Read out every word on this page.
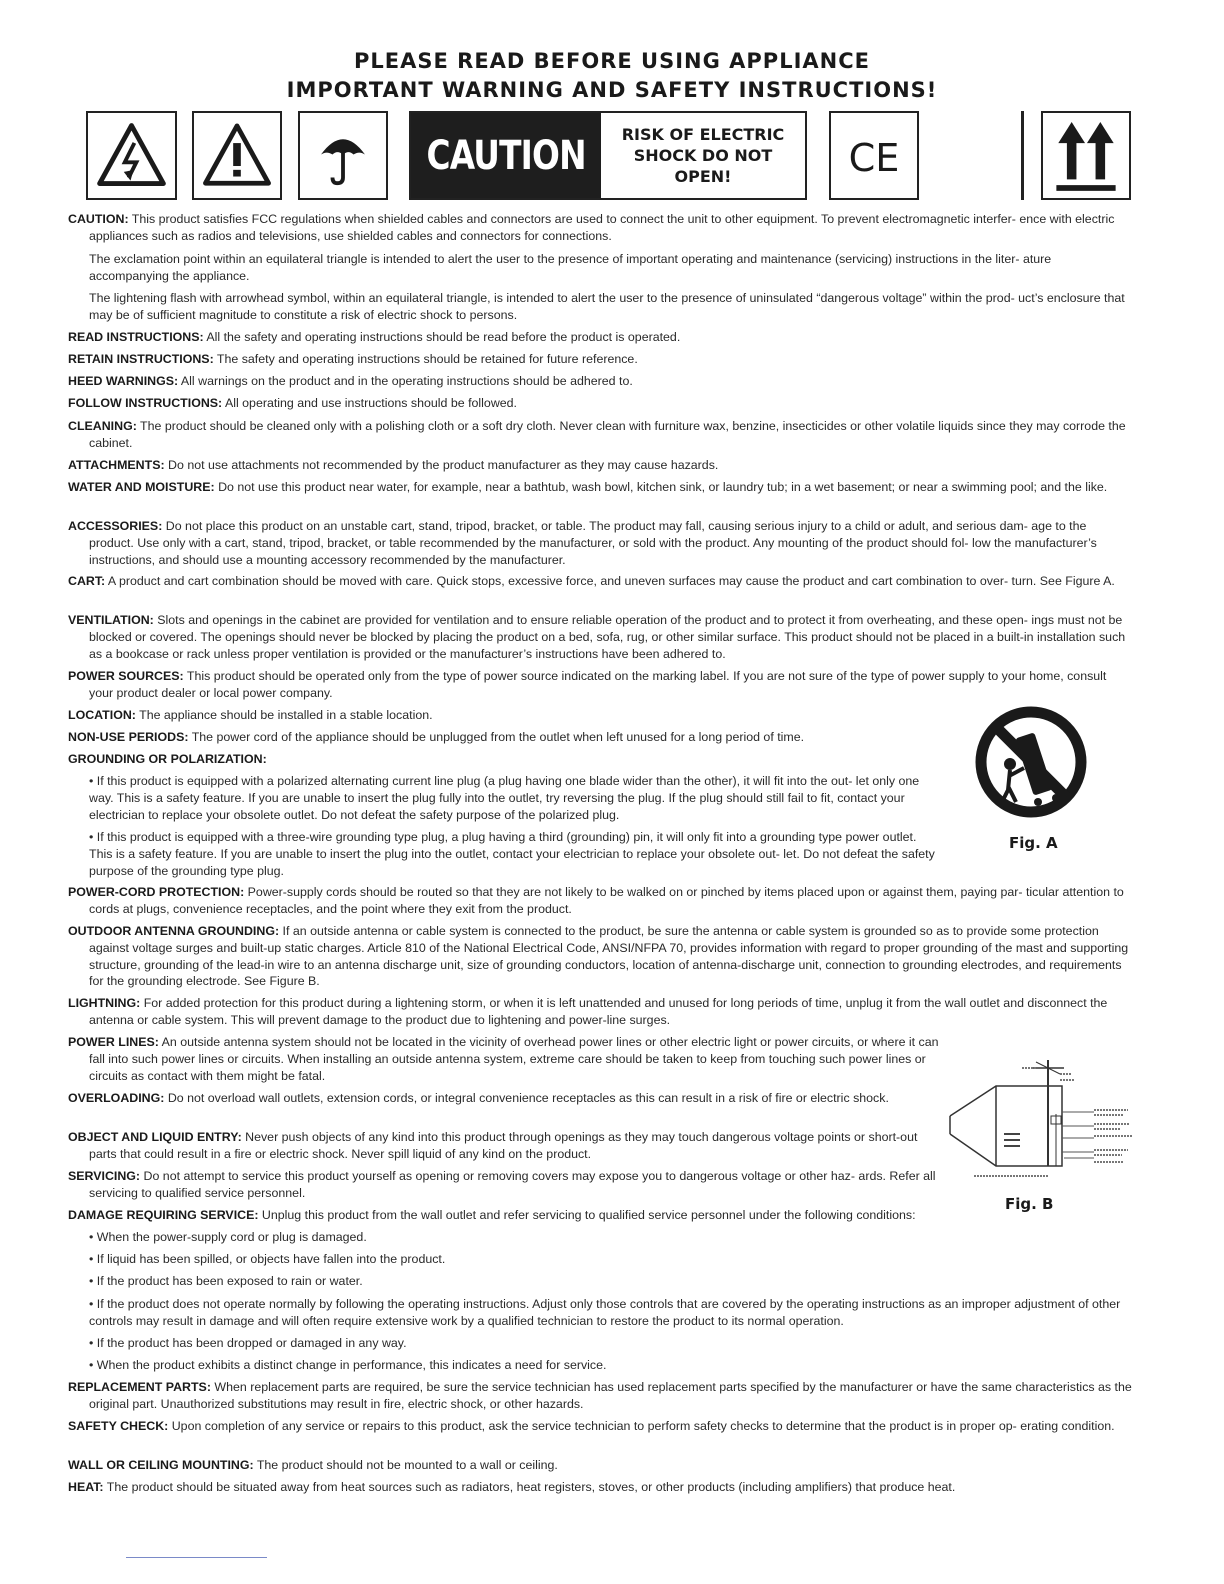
PLEASE READ BEFORE USING APPLIANCE
IMPORTANT WARNING AND SAFETY INSTRUCTIONS!
CAUTION RISK OF ELECTRIC
SHOCK DO NOT
OPEN!	CE

CAUTION: This product satisfies FCC regulations when shielded cables and connectors are used to connect the unit to other equipment. To prevent electromagnetic interfer- ence with electric appliances such as radios and televisions, use shielded cables and connectors for connections.

The exclamation point within an equilateral triangle is intended to alert the user to the presence of important operating and maintenance (servicing) instructions in the liter- ature accompanying the appliance.

The lightening flash with arrowhead symbol, within an equilateral triangle, is intended to alert the user to the presence of uninsulated “dangerous voltage” within the prod- uct’s enclosure that may be of sufficient magnitude to constitute a risk of electric shock to persons.

READ INSTRUCTIONS: All the safety and operating instructions should be read before the product is operated.

RETAIN INSTRUCTIONS: The safety and operating instructions should be retained for future reference.

HEED WARNINGS: All warnings on the product and in the operating instructions should be adhered to.

FOLLOW INSTRUCTIONS: All operating and use instructions should be followed.

CLEANING: The product should be cleaned only with a polishing cloth or a soft dry cloth. Never clean with furniture wax, benzine, insecticides or other volatile liquids since they may corrode the cabinet.

ATTACHMENTS: Do not use attachments not recommended by the product manufacturer as they may cause hazards.

WATER AND MOISTURE: Do not use this product near water, for example, near a bathtub, wash bowl, kitchen sink, or laundry tub; in a wet basement; or near a swimming pool; and the like.

ACCESSORIES: Do not place this product on an unstable cart, stand, tripod, bracket, or table. The product may fall, causing serious injury to a child or adult, and serious dam- age to the product. Use only with a cart, stand, tripod, bracket, or table recommended by the manufacturer, or sold with the product. Any mounting of the product should fol- low the manufacturer’s instructions, and should use a mounting accessory recommended by the manufacturer.

CART: A product and cart combination should be moved with care. Quick stops, excessive force, and uneven surfaces may cause the product and cart combination to over- turn. See Figure A.

VENTILATION: Slots and openings in the cabinet are provided for ventilation and to ensure reliable operation of the product and to protect it from overheating, and these open- ings must not be blocked or covered. The openings should never be blocked by placing the product on a bed, sofa, rug, or other similar surface. This product should not be placed in a built-in installation such as a bookcase or rack unless proper ventilation is provided or the manufacturer’s instructions have been adhered to.

POWER SOURCES: This product should be operated only from the type of power source indicated on the marking label. If you are not sure of the type of power supply to your home, consult your product dealer or local power company.

LOCATION: The appliance should be installed in a stable location.

NON-USE PERIODS: The power cord of the appliance should be unplugged from the outlet when left unused for a long period of time.

GROUNDING OR POLARIZATION:

• If this product is equipped with a polarized alternating current line plug (a plug having one blade wider than the other), it will fit into the out- let only one way. This is a safety feature. If you are unable to insert the plug fully into the outlet, try reversing the plug. If the plug should still fail to fit, contact your electrician to replace your obsolete outlet. Do not defeat the safety purpose of the polarized plug.

• If this product is equipped with a three-wire grounding type plug, a plug having a third (grounding) pin, it will only fit into a grounding type power outlet. This is a safety feature. If you are unable to insert the plug into the outlet, contact your electrician to replace your obsolete out- let. Do not defeat the safety purpose of the grounding type plug.

Fig. A

POWER-CORD PROTECTION: Power-supply cords should be routed so that they are not likely to be walked on or pinched by items placed upon or against them, paying par- ticular attention to cords at plugs, convenience receptacles, and the point where they exit from the product.

OUTDOOR ANTENNA GROUNDING: If an outside antenna or cable system is connected to the product, be sure the antenna or cable system is grounded so as to provide some protection against voltage surges and built-up static charges. Article 810 of the National Electrical Code, ANSI/NFPA 70, provides information with regard to proper grounding of the mast and supporting structure, grounding of the lead-in wire to an antenna discharge unit, size of grounding conductors, location of antenna-discharge unit, connection to grounding electrodes, and requirements for the grounding electrode. See Figure B.

LIGHTNING: For added protection for this product during a lightening storm, or when it is left unattended and unused for long periods of time, unplug it from the wall outlet and disconnect the antenna or cable system. This will prevent damage to the product due to lightening and power-line surges.

POWER LINES: An outside antenna system should not be located in the vicinity of overhead power lines or other electric light or power circuits, or where it can fall into such power lines or circuits. When installing an outside antenna system, extreme care should be taken to keep from touching such power lines or circuits as contact with them might be fatal.

OVERLOADING: Do not overload wall outlets, extension cords, or integral convenience receptacles as this can result in a risk of fire or electric shock.

OBJECT AND LIQUID ENTRY: Never push objects of any kind into this product through openings as they may touch dangerous voltage points or short-out parts that could result in a fire or electric shock. Never spill liquid of any kind on the product.

SERVICING: Do not attempt to service this product yourself as opening or removing covers may expose you to dangerous voltage or other haz- ards. Refer all servicing to qualified service personnel.

Fig. B

DAMAGE REQUIRING SERVICE: Unplug this product from the wall outlet and refer servicing to qualified service personnel under the following conditions:

• When the power-supply cord or plug is damaged.

• If liquid has been spilled, or objects have fallen into the product.

• If the product has been exposed to rain or water.

• If the product does not operate normally by following the operating instructions. Adjust only those controls that are covered by the operating instructions as an improper adjustment of other controls may result in damage and will often require extensive work by a qualified technician to restore the product to its normal operation.

• If the product has been dropped or damaged in any way.

• When the product exhibits a distinct change in performance, this indicates a need for service.

REPLACEMENT PARTS: When replacement parts are required, be sure the service technician has used replacement parts specified by the manufacturer or have the same characteristics as the original part. Unauthorized substitutions may result in fire, electric shock, or other hazards.

SAFETY CHECK: Upon completion of any service or repairs to this product, ask the service technician to perform safety checks to determine that the product is in proper op- erating condition.

WALL OR CEILING MOUNTING: The product should not be mounted to a wall or ceiling.

HEAT: The product should be situated away from heat sources such as radiators, heat registers, stoves, or other products (including amplifiers) that produce heat.
